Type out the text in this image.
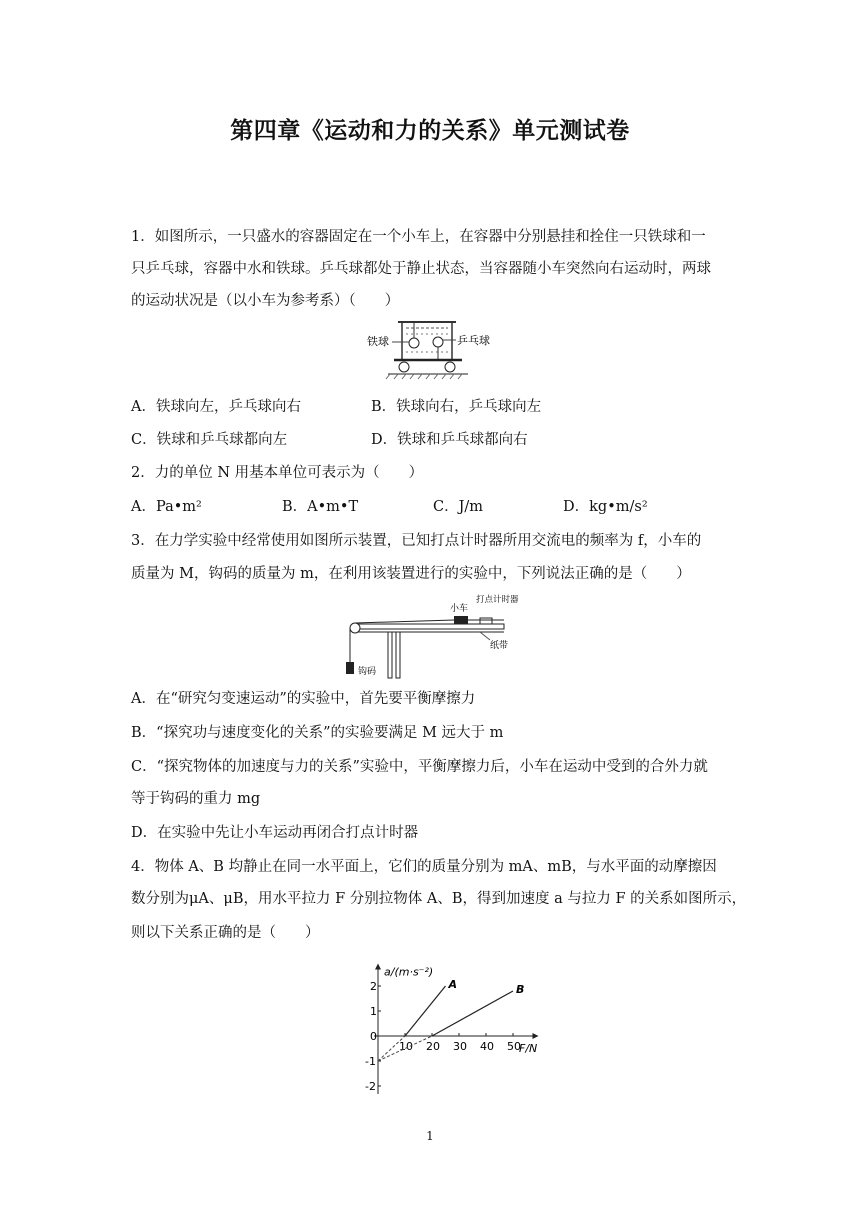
第四章《运动和力的关系》单元测试卷
1．如图所示，一只盛水的容器固定在一个小车上，在容器中分别悬挂和拴住一只铁球和一
只乒乓球，容器中水和铁球。乒乓球都处于静止状态，当容器随小车突然向右运动时，两球
的运动状况是（以小车为参考系）（　　）
铁球	乒乓球
A．铁球向左，乒乓球向右	B．铁球向右，乒乓球向左
C．铁球和乒乓球都向左	D．铁球和乒乓球都向右
2．力的单位 N 用基本单位可表示为（　　）
A．Pa•m²	B．A•m•T	C．J/m	D．kg•m/s²
3．在力学实验中经常使用如图所示装置，已知打点计时器所用交流电的频率为 f，小车的
质量为 M，钩码的质量为 m，在利用该装置进行的实验中，下列说法正确的是（　　）
小车
打点计时器
纸带
钩码
A．在“研究匀变速运动”的实验中，首先要平衡摩擦力
B．“探究功与速度变化的关系”的实验要满足 M 远大于 m
C．“探究物体的加速度与力的关系”实验中，平衡摩擦力后，小车在运动中受到的合外力就
等于钩码的重力 mg
D．在实验中先让小车运动再闭合打点计时器
4．物体 A、B 均静止在同一水平面上，它们的质量分别为 mA、mB，与水平面的动摩擦因
数分别为μA、μB，用水平拉力 F 分别拉物体 A、B，得到加速度 a 与拉力 F 的关系如图所示，
则以下关系正确的是（　　）
a/(m·s⁻²)
F/N
10 20 30 40 50
-2
-1
0
1
2	A	B
1
